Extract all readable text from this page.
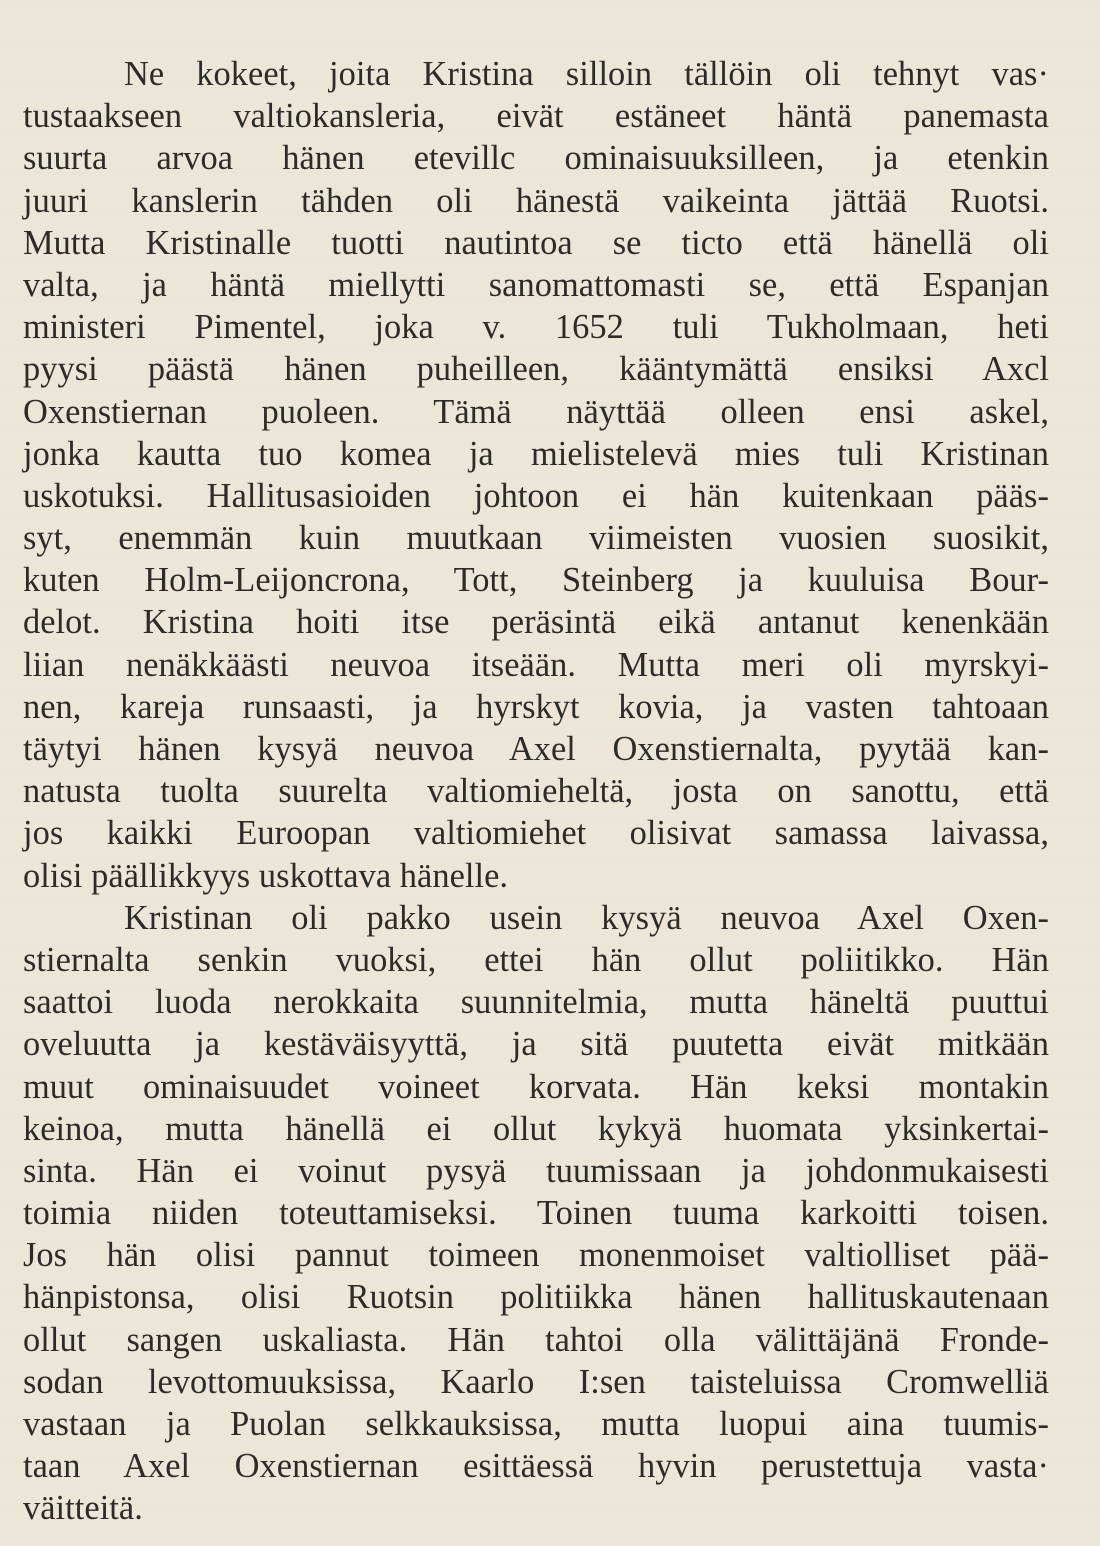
Ne kokeet, joita Kristina silloin tällöin oli tehnyt vas·
tustaakseen valtiokansleria, eivät estäneet häntä panemasta
suurta arvoa hänen etevillc ominaisuuksilleen, ja etenkin
juuri kanslerin tähden oli hänestä vaikeinta jättää Ruotsi.
Mutta Kristinalle tuotti nautintoa se ticto että hänellä oli
valta, ja häntä miellytti sanomattomasti se, että Espanjan
ministeri Pimentel, joka v. 1652 tuli Tukholmaan, heti
pyysi päästä hänen puheilleen, kääntymättä ensiksi Axcl
Oxenstiernan puoleen. Tämä näyttää olleen ensi askel,
jonka kautta tuo komea ja mielistelevä mies tuli Kristinan
uskotuksi. Hallitusasioiden johtoon ei hän kuitenkaan pääs-
syt, enemmän kuin muutkaan viimeisten vuosien suosikit,
kuten Holm-Leijoncrona, Tott, Steinberg ja kuuluisa Bour-
delot. Kristina hoiti itse peräsintä eikä antanut kenenkään
liian nenäkkäästi neuvoa itseään. Mutta meri oli myrskyi-
nen, kareja runsaasti, ja hyrskyt kovia, ja vasten tahtoaan
täytyi hänen kysyä neuvoa Axel Oxenstiernalta, pyytää kan-
natusta tuolta suurelta valtiomieheltä, josta on sanottu, että
jos kaikki Euroopan valtiomiehet olisivat samassa laivassa,
olisi päällikkyys uskottava hänelle.
Kristinan oli pakko usein kysyä neuvoa Axel Oxen-
stiernalta senkin vuoksi, ettei hän ollut poliitikko. Hän
saattoi luoda nerokkaita suunnitelmia, mutta häneltä puuttui
oveluutta ja kestäväisyyttä, ja sitä puutetta eivät mitkään
muut ominaisuudet voineet korvata. Hän keksi montakin
keinoa, mutta hänellä ei ollut kykyä huomata yksinkertai-
sinta. Hän ei voinut pysyä tuumissaan ja johdonmukaisesti
toimia niiden toteuttamiseksi. Toinen tuuma karkoitti toisen.
Jos hän olisi pannut toimeen monenmoiset valtiolliset pää-
hänpistonsa, olisi Ruotsin politiikka hänen hallituskautenaan
ollut sangen uskaliasta. Hän tahtoi olla välittäjänä Fronde-
sodan levottomuuksissa, Kaarlo I:sen taisteluissa Cromwelliä
vastaan ja Puolan selkkauksissa, mutta luopui aina tuumis-
taan Axel Oxenstiernan esittäessä hyvin perustettuja vasta·
väitteitä.
